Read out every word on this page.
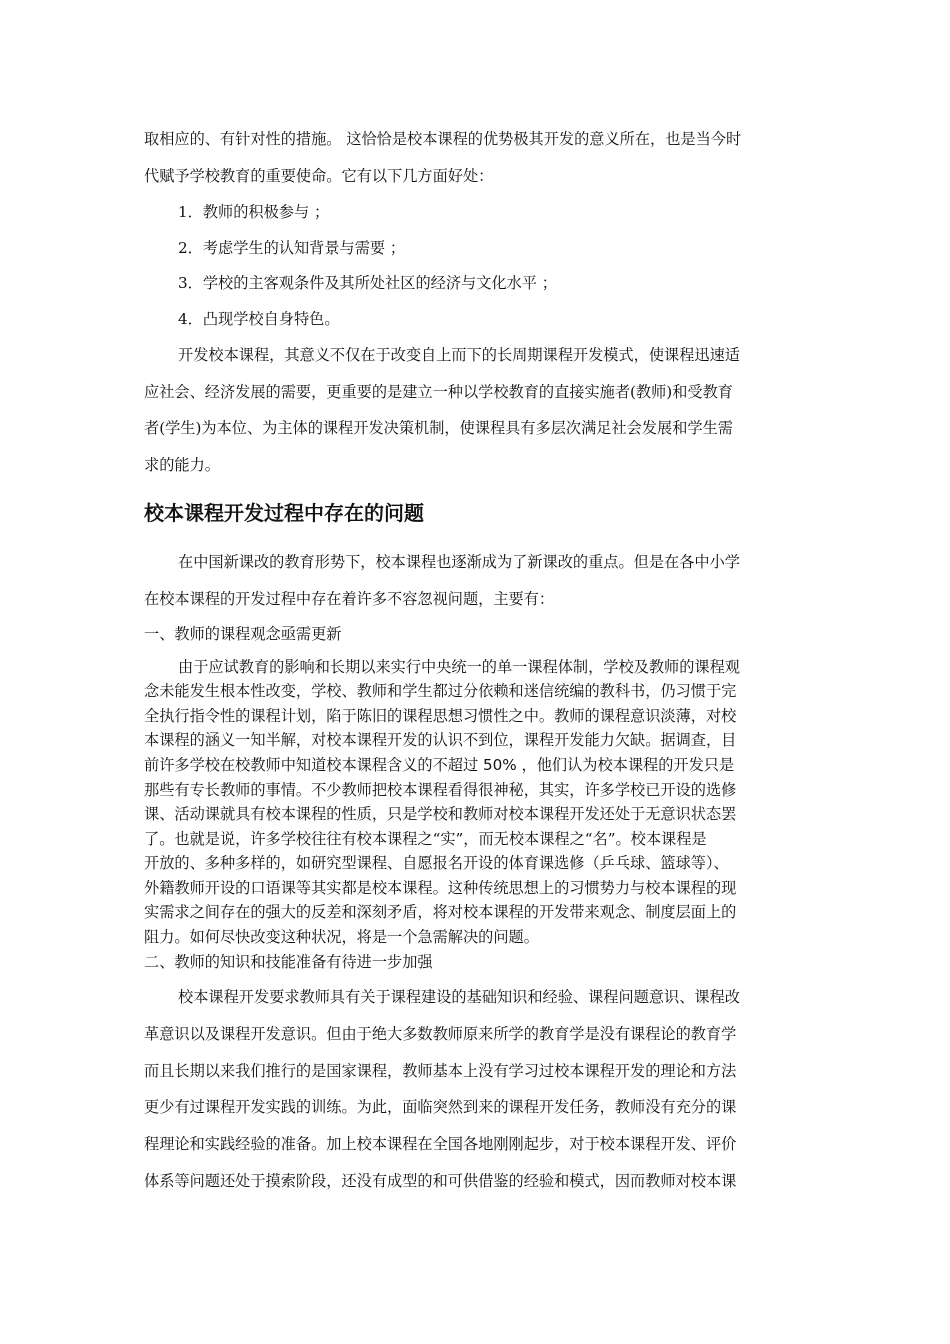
取相应的、有针对性的措施。 这恰恰是校本课程的优势极其开发的意义所在，也是当今时

代赋予学校教育的重要使命。它有以下几方面好处：

1．教师的积极参与 ；

2．考虑学生的认知背景与需要 ；

3．学校的主客观条件及其所处社区的经济与文化水平 ；

4．凸现学校自身特色。

开发校本课程，其意义不仅在于改变自上而下的长周期课程开发模式，使课程迅速适

应社会、经济发展的需要，更重要的是建立一种以学校教育的直接实施者(教师)和受教育

者(学生)为本位、为主体的课程开发决策机制，使课程具有多层次满足社会发展和学生需

求的能力。

校本课程开发过程中存在的问题

在中国新课改的教育形势下，校本课程也逐渐成为了新课改的重点。但是在各中小学

在校本课程的开发过程中存在着许多不容忽视问题，主要有：

一、教师的课程观念亟需更新

由于应试教育的影响和长期以来实行中央统一的单一课程体制，学校及教师的课程观

念未能发生根本性改变，学校、教师和学生都过分依赖和迷信统编的教科书，仍习惯于完

全执行指令性的课程计划，陷于陈旧的课程思想习惯性之中。教师的课程意识淡薄，对校

本课程的涵义一知半解，对校本课程开发的认识不到位，课程开发能力欠缺。据调查，目

前许多学校在校教师中知道校本课程含义的不超过 50% ，他们认为校本课程的开发只是

那些有专长教师的事情。不少教师把校本课程看得很神秘，其实，许多学校已开设的选修

课、活动课就具有校本课程的性质，只是学校和教师对校本课程开发还处于无意识状态罢

了。也就是说，许多学校往往有校本课程之“实”，而无校本课程之“名”。校本课程是

开放的、多种多样的，如研究型课程、自愿报名开设的体育课选修（乒乓球、篮球等）、

外籍教师开设的口语课等其实都是校本课程。这种传统思想上的习惯势力与校本课程的现

实需求之间存在的强大的反差和深刻矛盾，将对校本课程的开发带来观念、制度层面上的

阻力。如何尽快改变这种状况，将是一个急需解决的问题。

二、教师的知识和技能准备有待进一步加强

校本课程开发要求教师具有关于课程建设的基础知识和经验、课程问题意识、课程改

革意识以及课程开发意识。但由于绝大多数教师原来所学的教育学是没有课程论的教育学

而且长期以来我们推行的是国家课程，教师基本上没有学习过校本课程开发的理论和方法

更少有过课程开发实践的训练。为此，面临突然到来的课程开发任务，教师没有充分的课

程理论和实践经验的准备。加上校本课程在全国各地刚刚起步，对于校本课程开发、评价

体系等问题还处于摸索阶段，还没有成型的和可供借鉴的经验和模式，因而教师对校本课
